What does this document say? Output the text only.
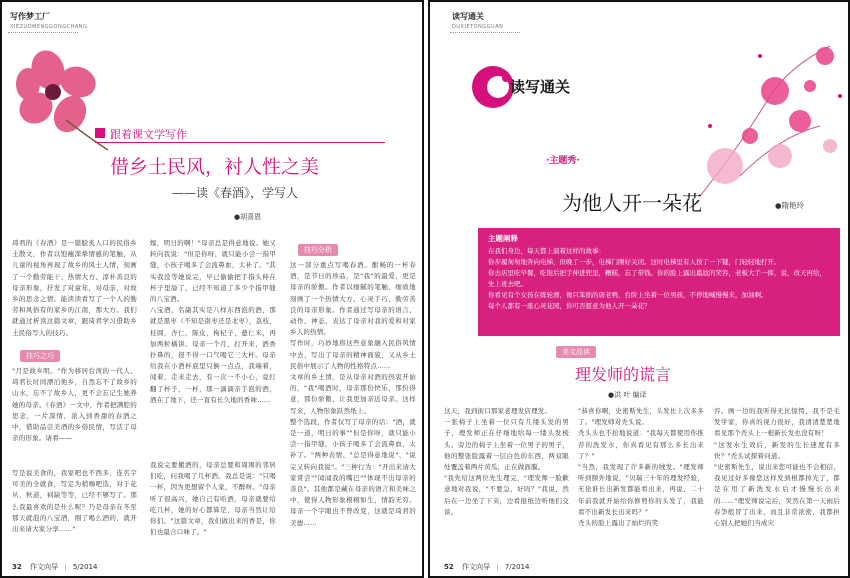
写作梦工厂
XIEZUOMENGGONGCHANG
跟着课文学写作
借乡土民风，衬人性之美
——读《春酒》，学写人
●胡喜恩
琦君的《春酒》是一篇脍炙人口的民俗乡土散文，作者以饱蘸深挚情感的笔触，从儿童的视角再现了故乡的风土人情，刻画了一个勤劳能干、热情大方、淳朴善良的母亲形象，抒发了对童年，对母亲，对故乡的思念之情。能读读看写了一个人的勤劳和风俗有的家乡的江南，那大方。我们就通过析读这篇文章，跟琦君学习借助乡土民俗写人的技巧。
技巧之巧
"月是故乡明。"作为移居台湾的一代人，琦君长时间漂泊他乡，自然忘不了故乡的山水，忘不了故乡人，更不会忘记生她养她的母亲。《春酒》一文中，作者把满腔的思念，一片深情，浓入到香甜的春酒之中，借助品尝美酒的乡俗民情，写活了母亲的形象。请看——
写是说美食的，我家吧也不西多，连名字可美的全就食，写定为稍咖吧选，对于花丛，秋道，祠缺等等，已经不够写了。那么我最喜欢的是什么呢？乃是母亲在冬至那天就泡的八宝酒，刚了喝么酒的，就开出来请大家分享……"
嫁，明日的啊！"母亲总是得意地说。她又转向我说："但是你呀，就只能小尝一指甲缝，小孩子喝多了会流鼻血，太补了。"其实我没等她说完，早已偷偷把手指头伸在杯子里舔了，已经不知道了多少个指甲缝的八宝酒。
八宝酒，名副其实是八样东西泡的酒，那就是黑枣（不知是南枣还是北枣），荔枝，桂圆，杏仁，陈皮，枸杞子，薏仁米，再加两粒橘饼。母亲一个月，打开来，酒香扑鼻的，很不得一口气喝它三大杯。母亲给我在小酒杯底里只倒一点点，我端着，闻着，走来走去，有一次一不小心，竟打翻了杯子，一杯，那一滴滴亲手泡的酒，洒在了地下，还一直有长久地的香味……
我说完要搬酒的，母亲总要和周围的邻居们吃，问我喝了几杯酒。我总是说："只喝一杯，因为更想留个人家，不醉呀。"母亲听了很高兴，她自己有哈酒，母亲就要给吃几杯，她的好心都算是，母亲当然让给你们。"这篇文章，我们做出来的香是，你们也最合口味了。"
技巧分析
这一部分重点写喝春酒。酣畅的一杯春酒，是节日的珍品，是"我"的最爱，更是母亲的骄傲。作者以细腻的笔触，细致地刻画了一个热情大方、心灵手巧、勤劳善良的母亲形象。作者通过写母亲的语言、动作、神态，表达了母亲对我的爱和对家乡人的热情。
写作时，巧妙地将这些意象融入民俗风情中去，写出了母亲的精神面貌，又从乡土民俗中展示了人物的性格特点……
文章的乡土情，是从母亲对酒的热衷开始的，"我"喝酒时，母亲那份快乐，那份得意，那份骄傲，让我更加亲近母亲。这样写来，人物形象跃然纸上。
整个选段，作者仅写了母亲的话："酒，就是一道，明日的事""但是你呀，就只能小尝一指甲缝，小孩子喝多了会流鼻血，太补了。"两种表情、"总是得意地说"、"说完又转向我说"。"三种行为："开出来请大家赏尝""闻闻我的嘴巴""体现不出母亲的善良"。其他都是藏在母亲的语言和美味之中，使得人物形象栩栩如生，情韵无穷。母亲一个字眼也不曾改变，这就是琦君的美德……
32 作文向导 | 5/2014
读写通关
DUXIETONGGUAN
读写通关
·主题秀·
为他人开一朵花	●隋艳玲
主题阐释
在我们身边，每天都上演着这样的故事：
你步履匆匆地奔向电梯，但晚了一步，电梯门刚好关闭。这时电梯里有人按了一下键，门轻轻地打开。
你去店里吃早餐，吃饱后把手伸进兜里，糟糕，忘了带钱。你的脸上露出尴尬的笑容，老板大手一挥，说，改天再给，先上班去吧。
你看见有个女孩在练轮滑，像只笨拙的唐老鸭，台阶上坐着一位男孩，不停地喊慢慢来，加油啊。
每个人都有一座心灵花园，你可否愿意为他人开一朵花？
美文品读
理发师的谎言
●洪 叶 编译
这天，我到街口那家老理发店理发。
一张椅子上坐着一位只有几缕头发的男子，理发师正在仔细地给每一缕头发梳头。旁边的椅子上坐着一位男子的男子，他的整张脸露着一层白色的东西，两双眼处覆盖着两片黄瓜，正在做面膜。
"我先给这两位先生理完，"理发师一脸歉意地对我说，"不要急，好吗？"我说，然后在一边坐了下来，边看报纸边听他们交谈。
"恭喜你啊，史密斯先生，头发比上次多多了。"理发师对秃头说。
秃头头也不抬地说道："我每天都使用你推荐的洗发水，你真看见有那么多长出来了？"
"当然，我发现了许多新的绒发。"理发师听到额外地说，"贝瑞三十年的理发经验，无论谁长出新发都能看出来，再说，二十年前我就开始给你修剪你的头发了，我能看不出新发长出来吗？"
秃头的脸上露出了灿烂的笑
容。画一边的我听得无比惊愕，我不是毛发学家，你真的视力很好，我清清楚楚地看见那个秃头上一根新长发也没有呀！
"这发水生效后，新发的生长速度有多快？"秃头试探着问道。
"史密斯先生，说出来您可能也不会相信，我见过好多像您这样发到根都掉光了，都是在用了新洗发水后才慢慢长出来的……"理发师说完后，突然在第一天雨后春笋般冒了出来，而且非常浓密，我都担心别人把她们当成灾
52 作文向导 | 7/2014
